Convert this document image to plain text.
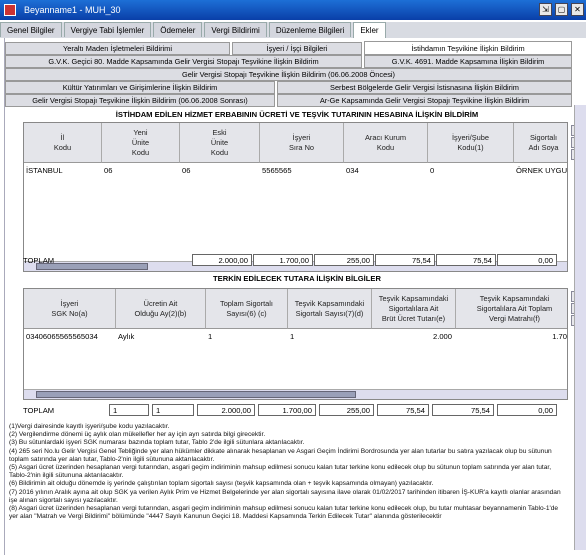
Beyanname1 - MUH_30	⇲	▢	✕
Genel Bilgiler	Vergiye Tabi İşlemler	Ödemeler	Vergi Bildirimi	Düzenleme Bilgileri	Ekler
Yeraltı Maden İşletmeleri Bildirimi	İşyeri / İşçi Bilgileri	İstihdamın Teşvikine İlişkin Bildirim
G.V.K. Geçici 80. Madde Kapsamında Gelir Vergisi Stopajı Teşvikine İlişkin Bildirim	G.V.K. 4691. Madde Kapsamına İlişkin Bildirim
Gelir Vergisi Stopajı Teşvikine İlişkin Bildirim (06.06.2008 Öncesi)
Kültür Yatırımları ve Girişimlerine İlişkin Bildirim	Serbest Bölgelerde Gelir Vergisi İstisnasına İlişkin Bildirim
Gelir Vergisi Stopajı Teşvikine İlişkin Bildirim (06.06.2008 Sonrası)	Ar-Ge Kapsamında Gelir Vergisi Stopajı Teşvikine İlişkin Bildirim
İSTİHDAM EDİLEN HİZMET ERBABININ ÜCRETİ VE TEŞVİK TUTARININ HESABINA İLİŞKİN BİLDİRİM
İl
Kodu
Yeni
Ünite
Kodu
Eski
Ünite
Kodu
İşyeri
Sıra No
Aracı Kurum
Kodu
İşyeri/Şube
Kodu(1)
Sigortalı
Adı Soya
İSTANBUL	06	06	5565565	034	0	ÖRNEK UYGU
TOPLAM	2.000,00	1.700,00	255,00	75,54	75,54	0,00
TERKİN EDİLECEK TUTARA İLİŞKİN BİLGİLER
İşyeri
SGK No(a)
Ücretin Ait
Olduğu Ay(2)(b)
Toplam Sigortalı
Sayısı(6) (c)
Teşvik Kapsamındaki
Sigortalı Sayısı(7)(d)
Teşvik Kapsamındaki
Sigortalılara Ait
Brüt Ücret Tutarı(e)
Teşvik Kapsamındaki
Sigortalılara Ait Toplam
Vergi Matrahı(f)
03406065565565034	Aylık	1	1	2.000	1.70
TOPLAM	1	1	2.000,00	1.700,00	255,00	75,54	75,54	0,00
(1)Vergi dairesinde kayıtlı işyeri/şube kodu yazılacaktır.
(2) Vergilendirme dönemi üç aylık olan mükellefler her ay için ayrı satırda bilgi girecektir.
(3) Bu sütunlardaki işyeri SGK numarası bazında toplam tutar, Tablo 2'de ilgili sütunlara aktarılacaktır.
(4) 265 seri No.lu Gelir Vergisi Genel Tebliğinde yer alan hükümler dikkate alınarak hesaplanan ve Asgari Geçim İndirimi Bordrosunda yer alan tutarlar bu satıra yazılacak olup bu sütunun toplam satırında yer alan tutar, Tablo-2'nin ilgili sütununa aktarılacaktır.
(5) Asgari ücret üzerinden hesaplanan vergi tutarından, asgari geçim indiriminin mahsup edilmesi sonucu kalan tutar terkine konu edilecek olup bu sütunun toplam satırında yer alan tutar, Tablo-2'nin ilgili sütununa aktarılacaktır.
(6) Bildirimin ait olduğu dönemde iş yerinde çalıştırılan toplam sigortalı sayısı (teşvik kapsamında olan + teşvik kapsamında olmayan) yazılacaktır.
(7) 2016 yılının Aralık ayına ait olup SGK ya verilen Aylık Prim ve Hizmet Belgelerinde yer alan sigortalı sayısına ilave olarak 01/02/2017 tarihinden itibaren İŞ-KUR'a kayıtlı olanlar arasından işe alınan sigortalı sayısı yazılacaktır.
(8) Asgari ücret üzerinden hesaplanan vergi tutarından, asgari geçim indiriminin mahsup edilmesi sonucu kalan tutar terkine konu edilecek olup, bu tutar muhtasar beyannamenin Tablo-1'de yer alan "Matrah ve Vergi Bildirimi" bölümünde "4447 Sayılı Kanunun Geçici 18. Maddesi Kapsamında Terkin Edilecek Tutar" alanında gösterilecektir
